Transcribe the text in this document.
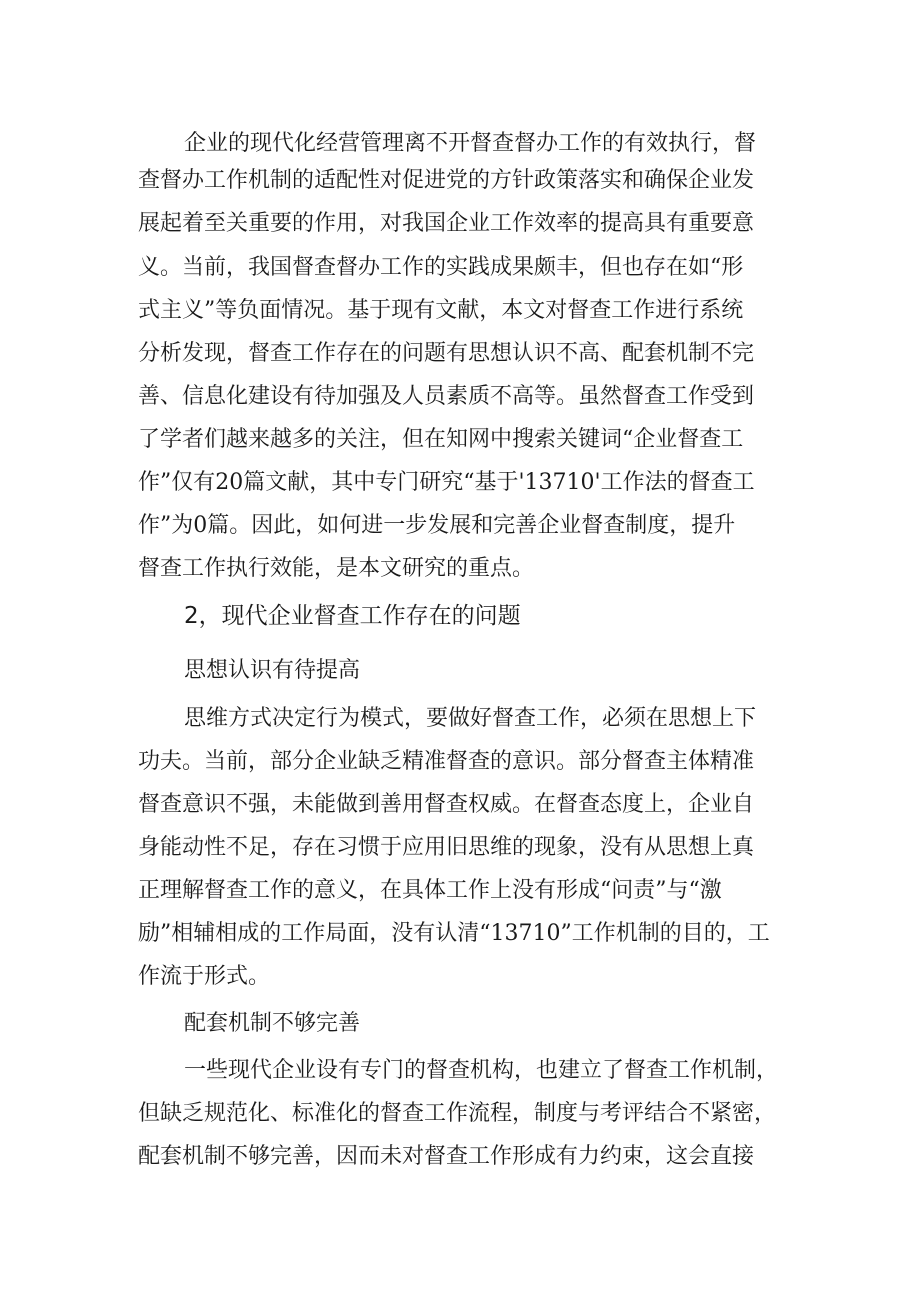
企业的现代化经营管理离不开督查督办工作的有效执行，督
查督办工作机制的适配性对促进党的方针政策落实和确保企业发
展起着至关重要的作用，对我国企业工作效率的提高具有重要意
义。当前，我国督查督办工作的实践成果颇丰，但也存在如“形
式主义”等负面情况。基于现有文献，本文对督查工作进行系统
分析发现，督查工作存在的问题有思想认识不高、配套机制不完
善、信息化建设有待加强及人员素质不高等。虽然督查工作受到
了学者们越来越多的关注，但在知网中搜索关键词“企业督查工
作”仅有20篇文献，其中专门研究“基于'13710'工作法的督查工
作”为0篇。因此，如何进一步发展和完善企业督查制度，提升
督查工作执行效能，是本文研究的重点。
2，现代企业督查工作存在的问题
思想认识有待提高
思维方式决定行为模式，要做好督查工作，必须在思想上下
功夫。当前，部分企业缺乏精准督查的意识。部分督查主体精准
督查意识不强，未能做到善用督查权威。在督查态度上，企业自
身能动性不足，存在习惯于应用旧思维的现象，没有从思想上真
正理解督查工作的意义，在具体工作上没有形成“问责”与“激
励”相辅相成的工作局面，没有认清“13710”工作机制的目的，工
作流于形式。
配套机制不够完善
一些现代企业设有专门的督查机构，也建立了督查工作机制，
但缺乏规范化、标准化的督查工作流程，制度与考评结合不紧密，
配套机制不够完善，因而未对督查工作形成有力约束，这会直接
